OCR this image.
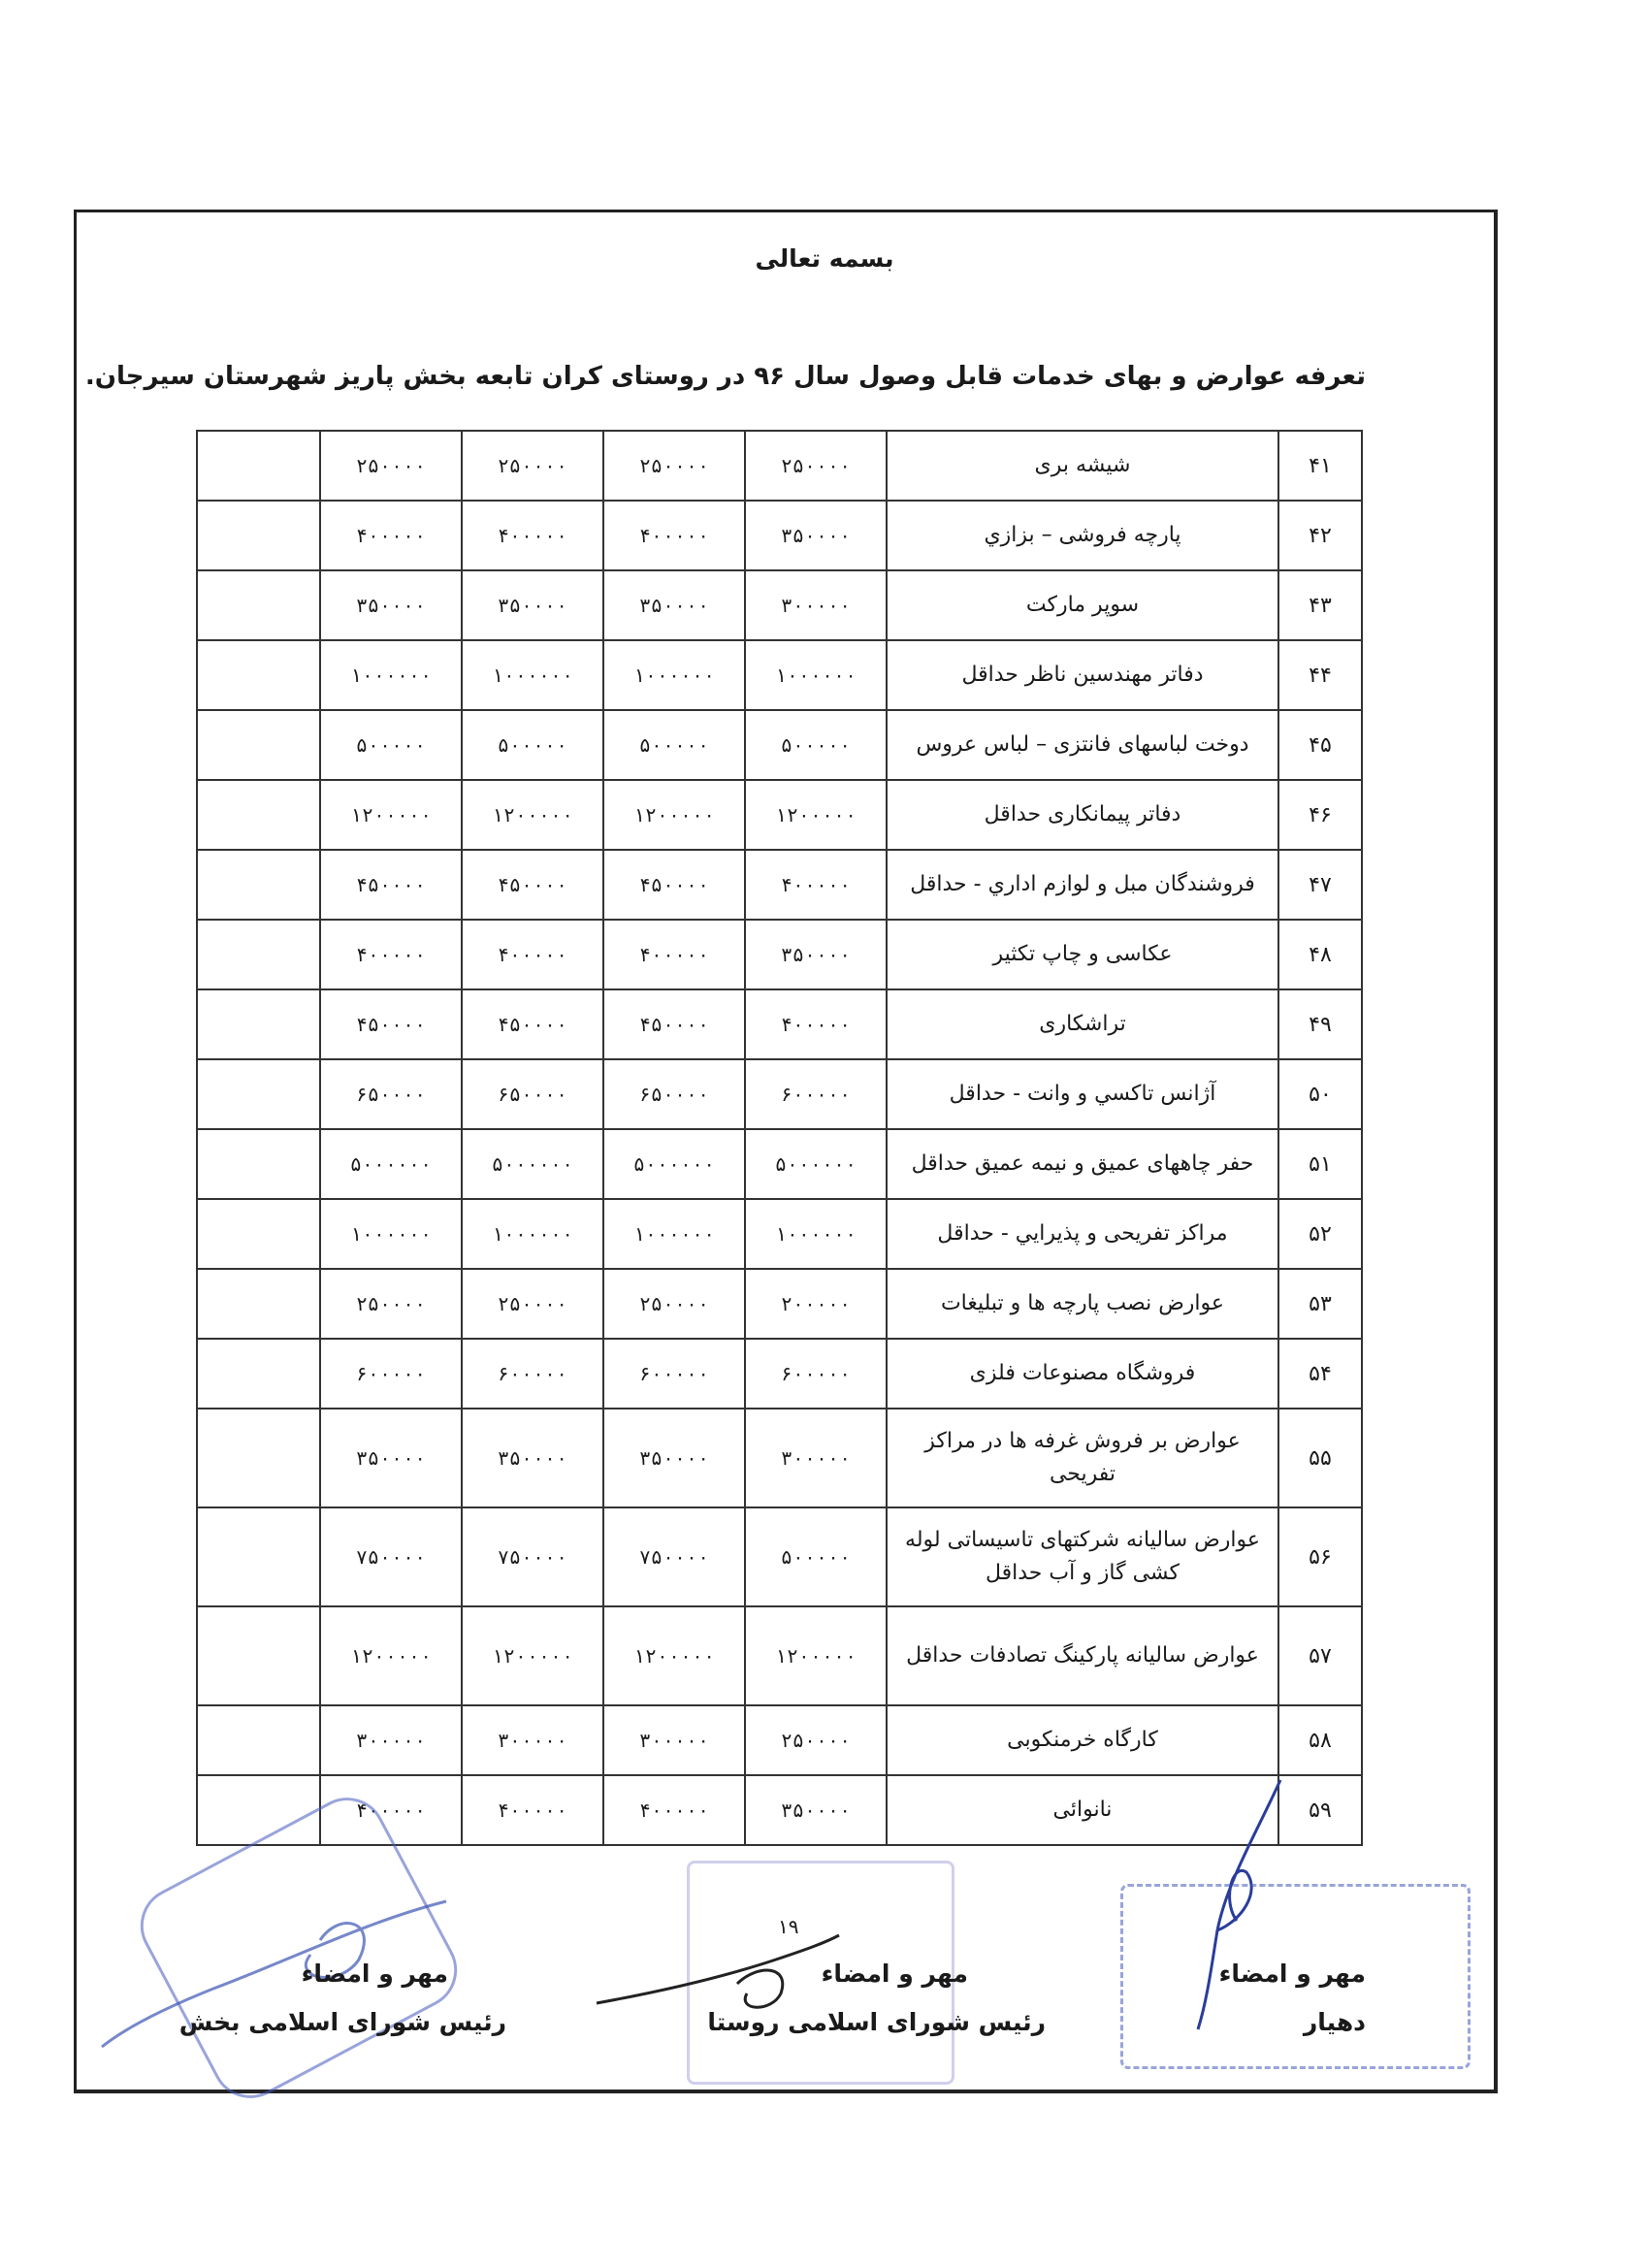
بسمه تعالی
تعرفه عوارض و بهای خدمات قابل وصول سال ۹۶ در روستای کران تابعه بخش پاریز شهرستان سیرجان.
۴۱	شیشه بری	۲۵۰۰۰۰	۲۵۰۰۰۰	۲۵۰۰۰۰	۲۵۰۰۰۰	
۴۲	پارچه فروشی – بزازي	۳۵۰۰۰۰	۴۰۰۰۰۰	۴۰۰۰۰۰	۴۰۰۰۰۰	
۴۳	سوپر مارکت	۳۰۰۰۰۰	۳۵۰۰۰۰	۳۵۰۰۰۰	۳۵۰۰۰۰	
۴۴	دفاتر مهندسین ناظر حداقل	۱۰۰۰۰۰۰	۱۰۰۰۰۰۰	۱۰۰۰۰۰۰	۱۰۰۰۰۰۰	
۴۵	دوخت لباسهای فانتزی – لباس عروس	۵۰۰۰۰۰	۵۰۰۰۰۰	۵۰۰۰۰۰	۵۰۰۰۰۰	
۴۶	دفاتر پیمانکاری حداقل	۱۲۰۰۰۰۰	۱۲۰۰۰۰۰	۱۲۰۰۰۰۰	۱۲۰۰۰۰۰	
۴۷	فروشندگان مبل و لوازم اداري - حداقل	۴۰۰۰۰۰	۴۵۰۰۰۰	۴۵۰۰۰۰	۴۵۰۰۰۰	
۴۸	عکاسی و چاپ تکثیر	۳۵۰۰۰۰	۴۰۰۰۰۰	۴۰۰۰۰۰	۴۰۰۰۰۰	
۴۹	تراشکاری	۴۰۰۰۰۰	۴۵۰۰۰۰	۴۵۰۰۰۰	۴۵۰۰۰۰	
۵۰	آژانس تاکسي و وانت - حداقل	۶۰۰۰۰۰	۶۵۰۰۰۰	۶۵۰۰۰۰	۶۵۰۰۰۰	
۵۱	حفر چاههای عمیق و نیمه عمیق حداقل	۵۰۰۰۰۰۰	۵۰۰۰۰۰۰	۵۰۰۰۰۰۰	۵۰۰۰۰۰۰	
۵۲	مراکز تفریحی و پذیرایي - حداقل	۱۰۰۰۰۰۰	۱۰۰۰۰۰۰	۱۰۰۰۰۰۰	۱۰۰۰۰۰۰	
۵۳	عوارض نصب پارچه ها و تبلیغات	۲۰۰۰۰۰	۲۵۰۰۰۰	۲۵۰۰۰۰	۲۵۰۰۰۰	
۵۴	فروشگاه مصنوعات فلزی	۶۰۰۰۰۰	۶۰۰۰۰۰	۶۰۰۰۰۰	۶۰۰۰۰۰	
۵۵	عوارض بر فروش غرفه ها در مراکز تفریحی	۳۰۰۰۰۰	۳۵۰۰۰۰	۳۵۰۰۰۰	۳۵۰۰۰۰	
۵۶	عوارض سالیانه شرکتهای تاسیساتی لوله کشی گاز و آب حداقل	۵۰۰۰۰۰	۷۵۰۰۰۰	۷۵۰۰۰۰	۷۵۰۰۰۰	
۵۷	عوارض سالیانه پارکینگ تصادفات حداقل	۱۲۰۰۰۰۰	۱۲۰۰۰۰۰	۱۲۰۰۰۰۰	۱۲۰۰۰۰۰	
۵۸	کارگاه خرمنکوبی	۲۵۰۰۰۰	۳۰۰۰۰۰	۳۰۰۰۰۰	۳۰۰۰۰۰	
۵۹	نانوائی	۳۵۰۰۰۰	۴۰۰۰۰۰	۴۰۰۰۰۰	۴۰۰۰۰۰	
۱۹
مهر و امضاء
دهیار
مهر و امضاء
رئیس شورای اسلامی روستا
مهر و امضاء
رئیس شورای اسلامی بخش
